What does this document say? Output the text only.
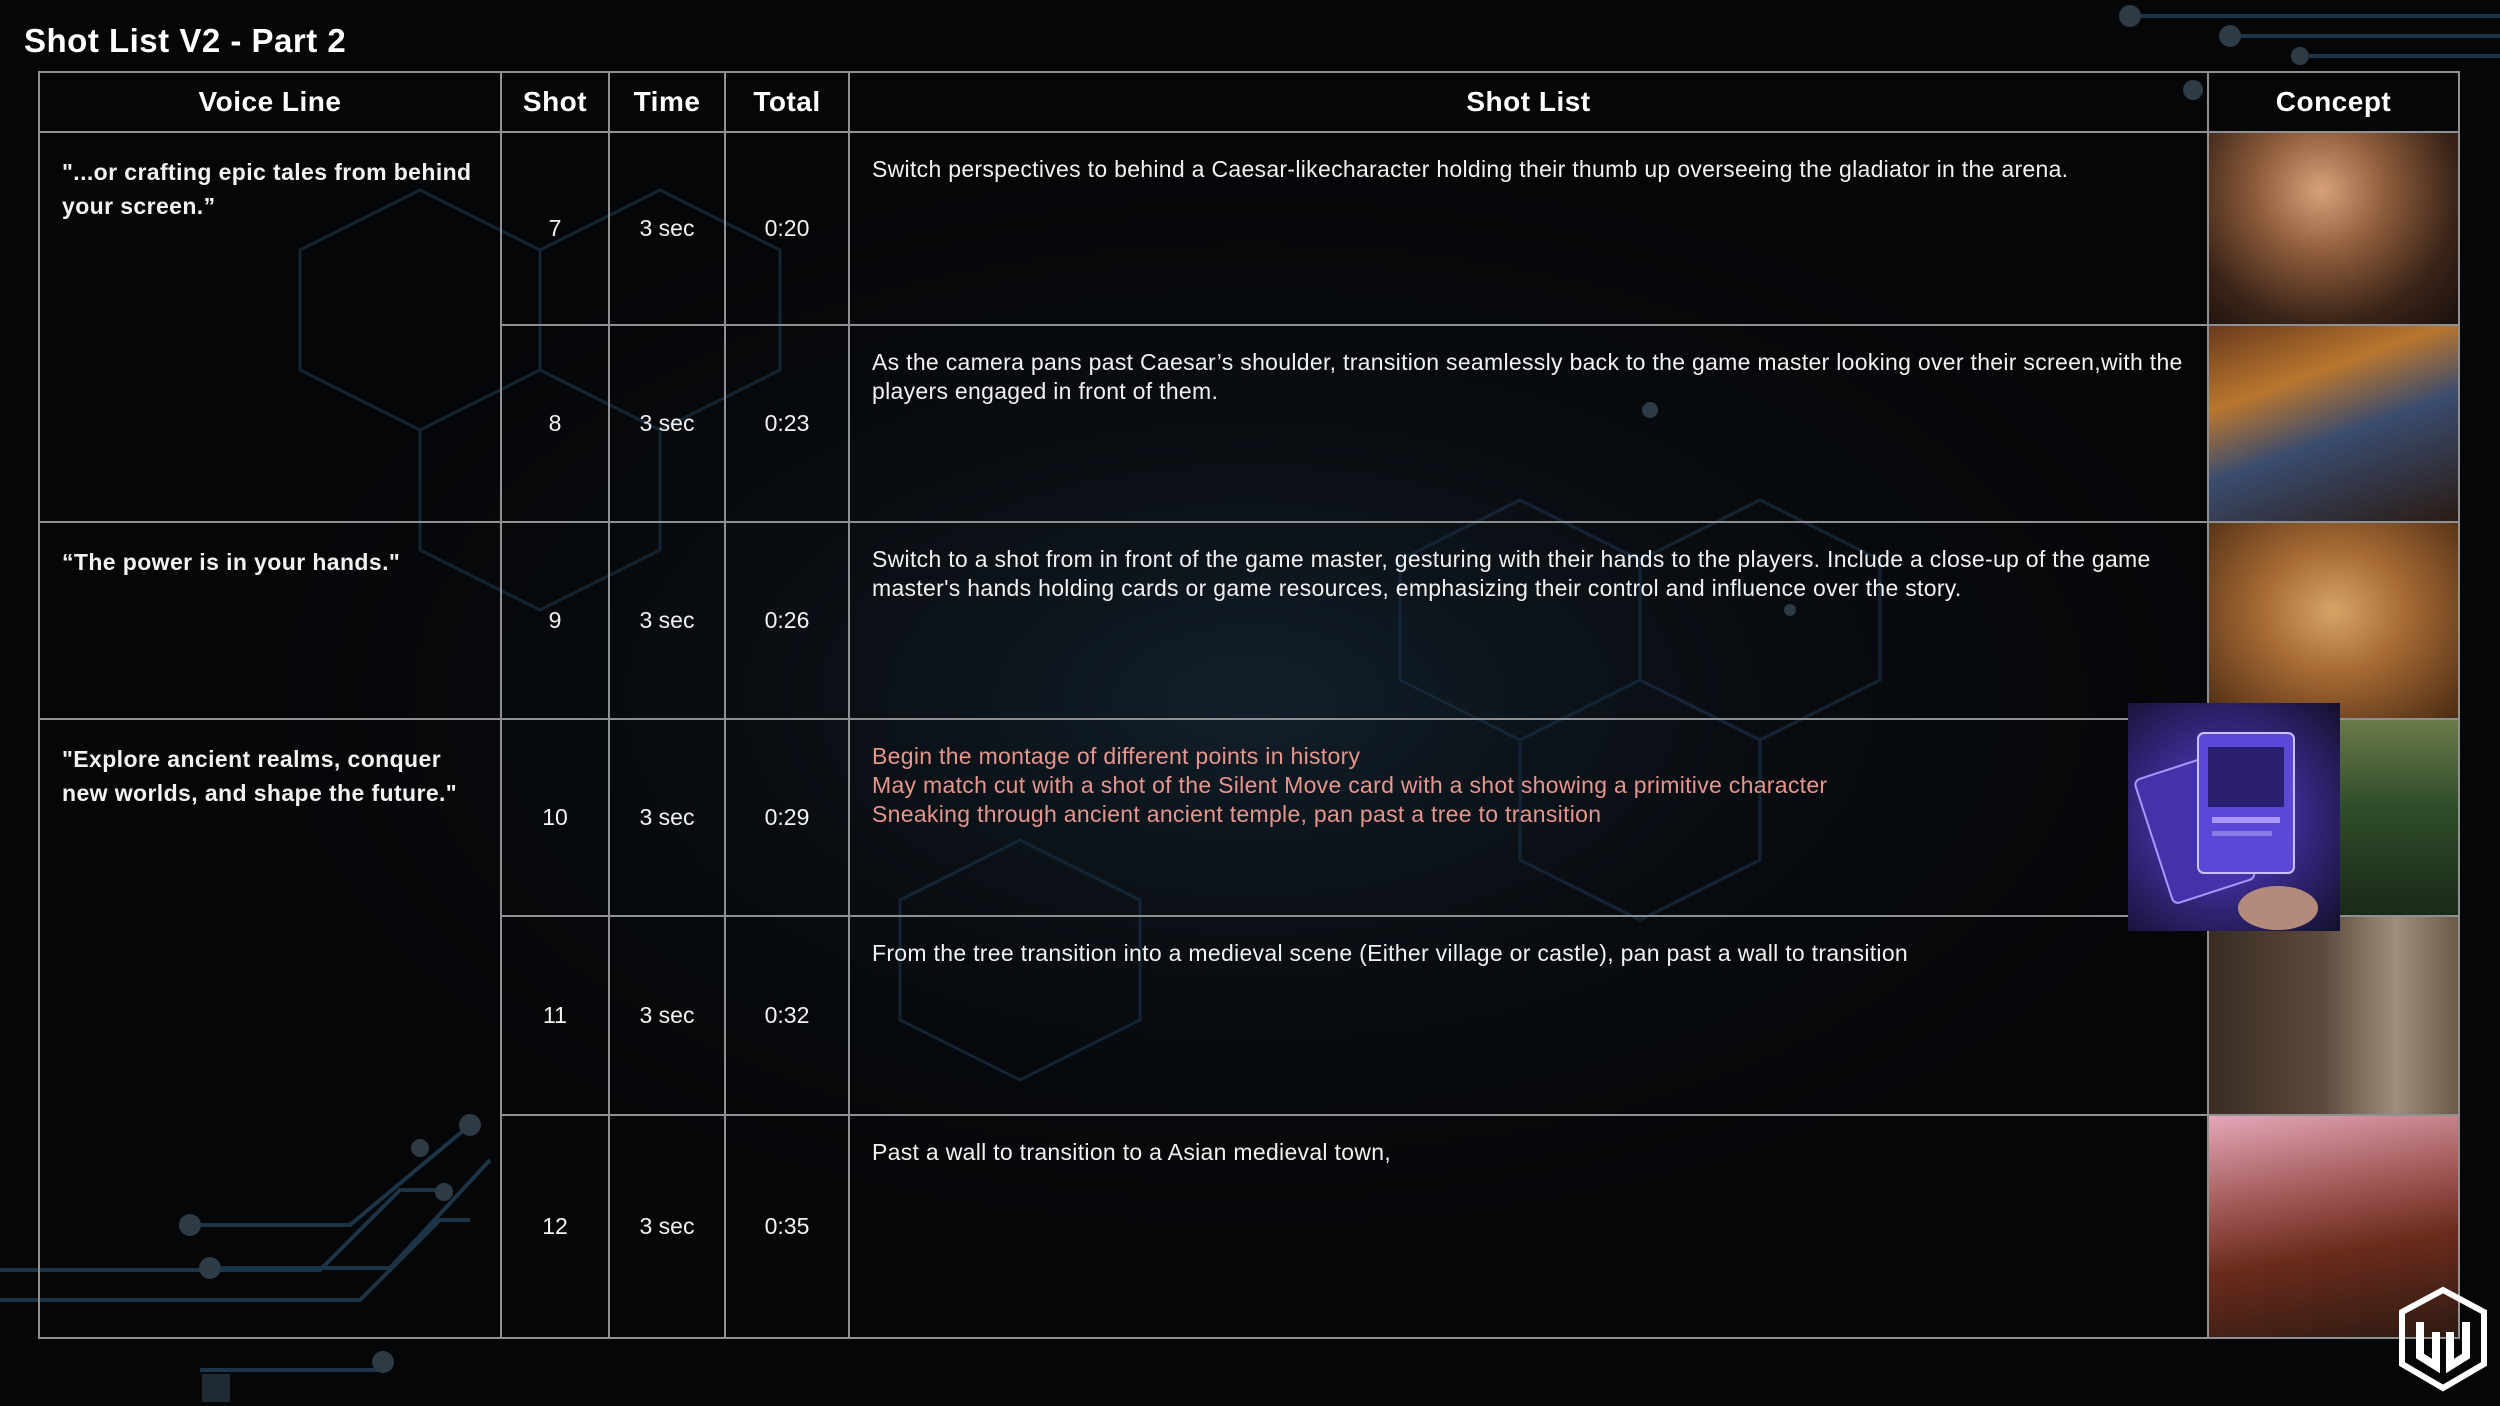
Shot List V2 - Part 2
Voice Line	Shot	Time	Total	Shot List	Concept
"...or crafting epic tales from behind your screen.”	7	3 sec	0:20	Switch perspectives to behind a Caesar-likecharacter holding their thumb up overseeing the gladiator in the arena.	

	8	3 sec	0:23	As the camera pans past Caesar’s shoulder, transition seamlessly back to the game master looking over their screen,with the players engaged in front of them.	

“The power is in your hands."	9	3 sec	0:26	Switch to a shot from in front of the game master, gesturing with their hands to the players. Include a close-up of the game master's hands holding cards or game resources, emphasizing their control and influence over the story.	

"Explore ancient realms, conquer new worlds, and shape the future."	10	3 sec	0:29	Begin the montage of different points in history
May match cut with a shot of the Silent Move card with a shot showing a primitive character
Sneaking through ancient ancient temple, pan past a tree to transition	

	11	3 sec	0:32	From the tree transition into a medieval scene (Either village or castle), pan past a wall to transition	

	12	3 sec	0:35	Past a wall to transition to a Asian medieval town,	
